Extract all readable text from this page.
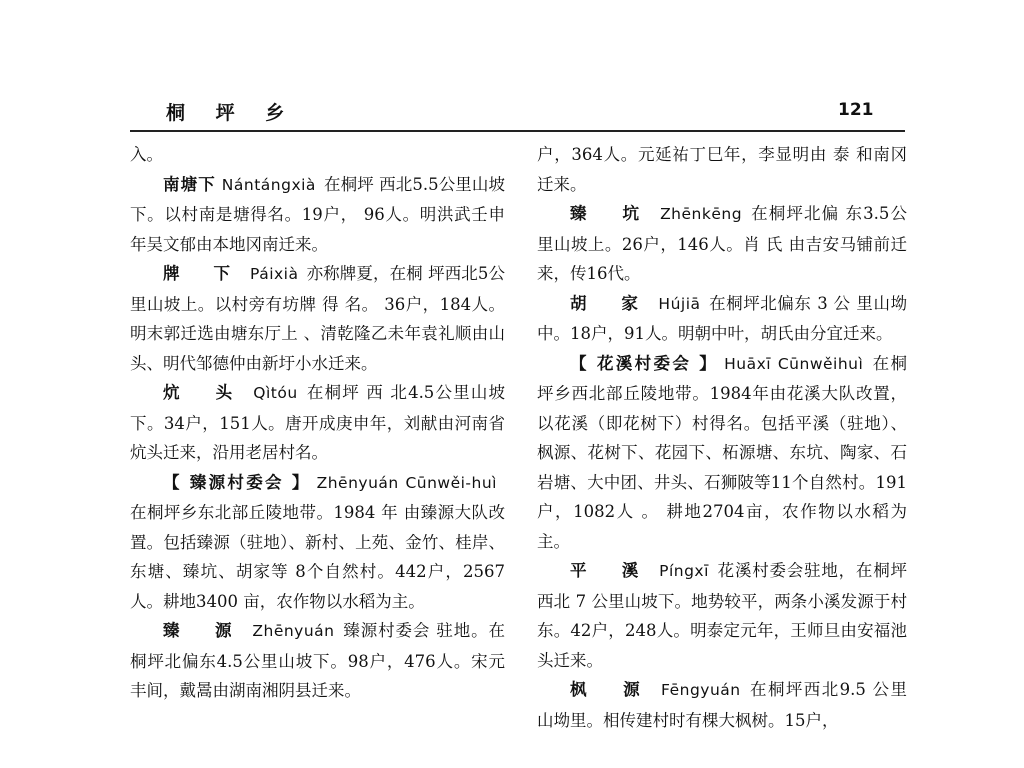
桐 坪 乡	121

入。

南塘下 Nántángxià 在桐坪 西北5.5公里山坡下。以村南是塘得名。19户， 96人。明洪武壬申年吴文郁由本地冈南迁来。

牌 下 Páixià 亦称牌夏，在桐 坪西北5公里山坡上。以村旁有坊牌 得 名。 36户，184人。明末郭迁选由塘东厅上 、清乾隆乙未年袁礼顺由山头、明代邹德仲由新圩小水迁来。

炕 头 Qìtóu 在桐坪 西 北4.5公里山坡下。34户，151人。唐开成庚申年，刘献由河南省炕头迁来，沿用老居村名。

【 臻源村委会 】 Zhēnyuán Cūnwěi-huì在桐坪乡东北部丘陵地带。1984 年 由臻源大队改置。包括臻源（驻地）、新村、上苑、金竹、桂岸、东塘、臻坑、胡家等 8个自然村。442户，2567人。耕地3400 亩，农作物以水稻为主。

臻 源 Zhēnyuán 臻源村委会 驻地。在桐坪北偏东4.5公里山坡下。98户，476人。宋元丰间，戴暠由湖南湘阴县迁来。

户，364人。元延祐丁巳年，李显明由 泰 和南冈迁来。

臻 坑 Zhēnkēng 在桐坪北偏 东3.5公里山坡上。26户，146人。肖 氏 由吉安马铺前迁来，传16代。

胡 家 Hújiā 在桐坪北偏东 3 公 里山坳中。18户，91人。明朝中叶，胡氏由分宜迁来。

【 花溪村委会 】 Huāxī Cūnwěihuì 在桐坪乡西北部丘陵地带。1984年由花溪大队改置，以花溪（即花树下）村得名。包括平溪（驻地）、枫源、花树下、花园下、柘源塘、东坑、陶家、石岩塘、大中团、井头、石狮陂等11个自然村。191户，1082人 。 耕地2704亩，农作物以水稻为主。

平 溪 Píngxī 花溪村委会驻地，在桐坪西北 7 公里山坡下。地势较平，两条小溪发源于村东。42户，248人。明泰定元年，王师旦由安福池头迁来。

枫 源 Fēngyuán 在桐坪西北9.5 公里山坳里。相传建村时有棵大枫树。15户，
